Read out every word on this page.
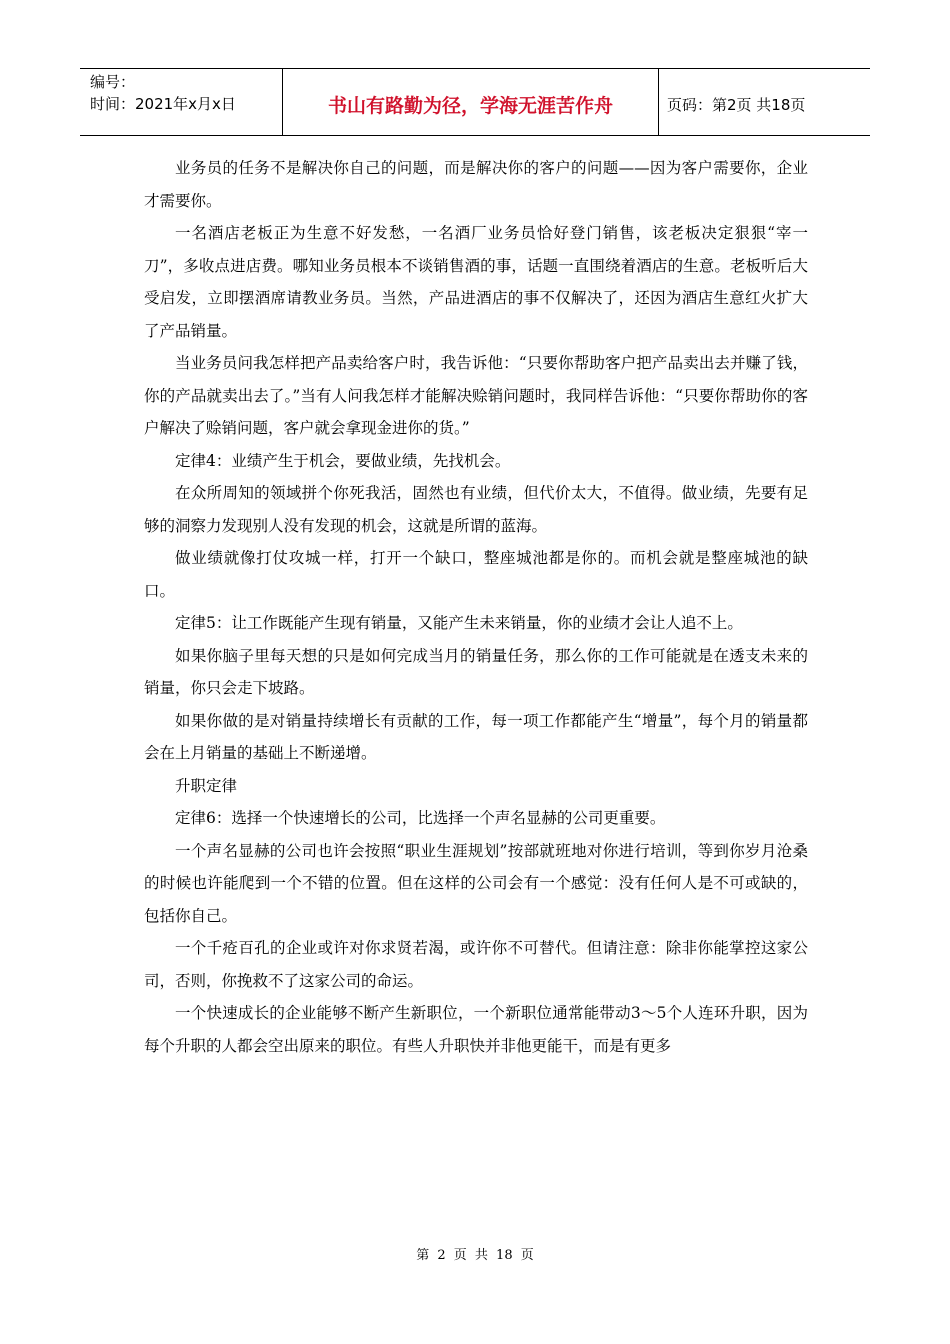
编号：
时间：2021年x月x日	书山有路勤为径，学海无涯苦作舟	页码：第2页 共18页

业务员的任务不是解决你自己的问题，而是解决你的客户的问题——因为客户需要你，企业才需要你。

一名酒店老板正为生意不好发愁，一名酒厂业务员恰好登门销售，该老板决定狠狠“宰一刀”，多收点进店费。哪知业务员根本不谈销售酒的事，话题一直围绕着酒店的生意。老板听后大受启发，立即摆酒席请教业务员。当然，产品进酒店的事不仅解决了，还因为酒店生意红火扩大了产品销量。

当业务员问我怎样把产品卖给客户时，我告诉他：“只要你帮助客户把产品卖出去并赚了钱，你的产品就卖出去了。”当有人问我怎样才能解决赊销问题时，我同样告诉他：“只要你帮助你的客户解决了赊销问题，客户就会拿现金进你的货。”

定律4：业绩产生于机会，要做业绩，先找机会。

在众所周知的领域拼个你死我活，固然也有业绩，但代价太大，不值得。做业绩，先要有足够的洞察力发现别人没有发现的机会，这就是所谓的蓝海。

做业绩就像打仗攻城一样，打开一个缺口，整座城池都是你的。而机会就是整座城池的缺口。

定律5：让工作既能产生现有销量，又能产生未来销量，你的业绩才会让人追不上。

如果你脑子里每天想的只是如何完成当月的销量任务，那么你的工作可能就是在透支未来的销量，你只会走下坡路。

如果你做的是对销量持续增长有贡献的工作，每一项工作都能产生“增量”，每个月的销量都会在上月销量的基础上不断递增。

升职定律

定律6：选择一个快速增长的公司，比选择一个声名显赫的公司更重要。

一个声名显赫的公司也许会按照“职业生涯规划”按部就班地对你进行培训，等到你岁月沧桑的时候也许能爬到一个不错的位置。但在这样的公司会有一个感觉：没有任何人是不可或缺的，包括你自己。

一个千疮百孔的企业或许对你求贤若渴，或许你不可替代。但请注意：除非你能掌控这家公司，否则，你挽救不了这家公司的命运。

一个快速成长的企业能够不断产生新职位，一个新职位通常能带动3～5个人连环升职，因为每个升职的人都会空出原来的职位。有些人升职快并非他更能干，而是有更多

第 2 页 共 18 页
